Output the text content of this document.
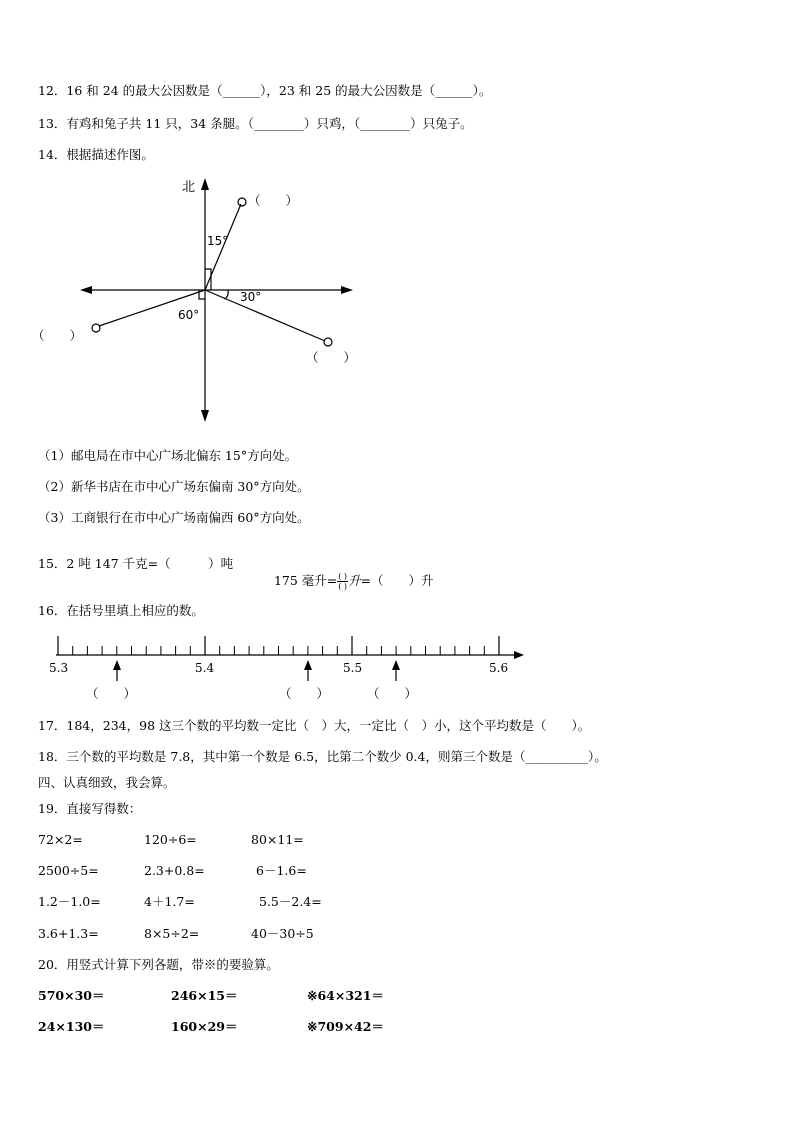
12．16 和 24 的最大公因数是（______），23 和 25 的最大公因数是（______）。
13．有鸡和兔子共 11 只，34 条腿。（________）只鸡，（________）只兔子。
14．根据描述作图。
北
15°
30°
60°
（　　）
（　　）
（　　）
（1）邮电局在市中心广场北偏东 15°方向处。
（2）新华书店在市中心广场东偏南 30°方向处。
（3）工商银行在市中心广场南偏西 60°方向处。
15．2 吨 147 千克=（　　　）吨

175 毫升= $\frac{( )}{( )}$ 升=（　　）升

16．在括号里填上相应的数。
5.3	5.4	5.5	5.6
（　　）	（　　）	（　　）
17．184，234，98 这三个数的平均数一定比（　）大，一定比（　）小，这个平均数是（　　）。
18．三个数的平均数是 7.8，其中第一个数是 6.5，比第二个数少 0.4，则第三个数是（__________）。
四、认真细致，我会算。
19．直接写得数：
72×2=	120÷6=	80×11=
2500÷5=	2.3+0.8=	6－1.6=
1.2－1.0=	4＋1.7=	5.5－2.4=
3.6+1.3=	8×5÷2=	40－30÷5
20．用竖式计算下列各题，带※的要验算。
570×30＝	246×15＝	※64×321＝
24×130＝	160×29＝	※709×42＝
